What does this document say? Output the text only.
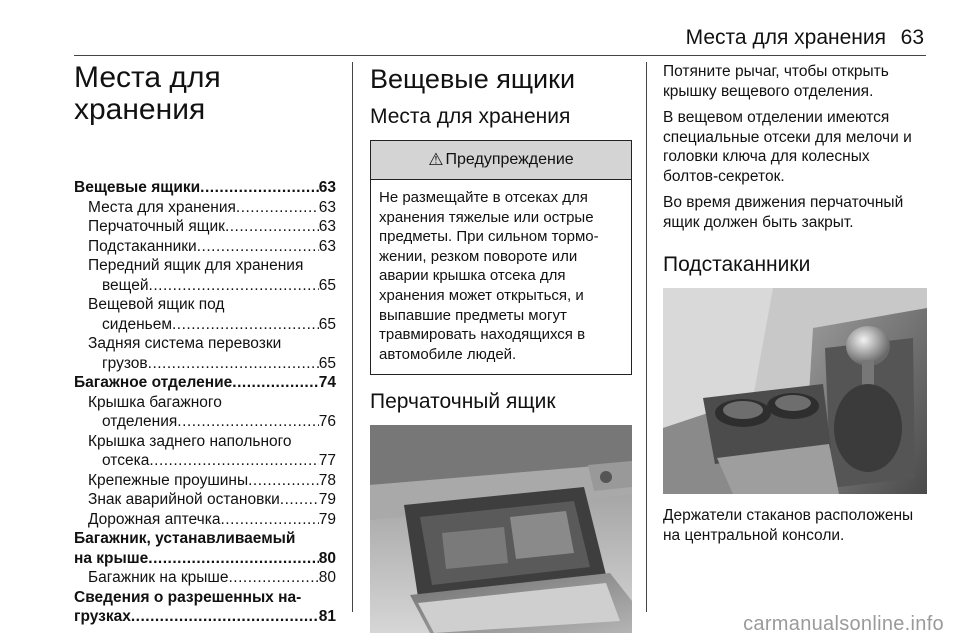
Места для хранения 63
Места для
хранения
Вещевые ящики .....	63
Места для хранения .....	63
Перчаточный ящик .....	63
Подстаканники .....	63
Передний ящик для хранения
вещей .....	65
Вещевой ящик под
сиденьем .....	65
Задняя система перевозки
грузов .....	65
Багажное отделение .....	74
Крышка багажного
отделения .....	76
Крышка заднего напольного
отсека .....	77
Крепежные проушины .....	78
Знак аварийной остановки .....	79
Дорожная аптечка .....	79
Багажник, устанавливаемый
на крыше .....	80
Багажник на крыше .....	80
Сведения о разрешенных на-
грузках .....	81
Вещевые ящики
Места для хранения
⚠ Предупреждение
Не размещайте в отсеках для
хранения тяжелые или острые
предметы. При сильном тормо-
жении, резком повороте или
аварии крышка отсека для
хранения может открыться, и
выпавшие предметы могут
травмировать находящихся в
автомобиле людей.
Перчаточный ящик

Потяните рычаг, чтобы открыть
крышку вещевого отделения.

В вещевом отделении имеются
специальные отсеки для мелочи и
головки ключа для колесных
болтов-секреток.

Во время движения перчаточный
ящик должен быть закрыт.

Подстаканники

Держатели стаканов расположены
на центральной консоли.

carmanualsonline.info
